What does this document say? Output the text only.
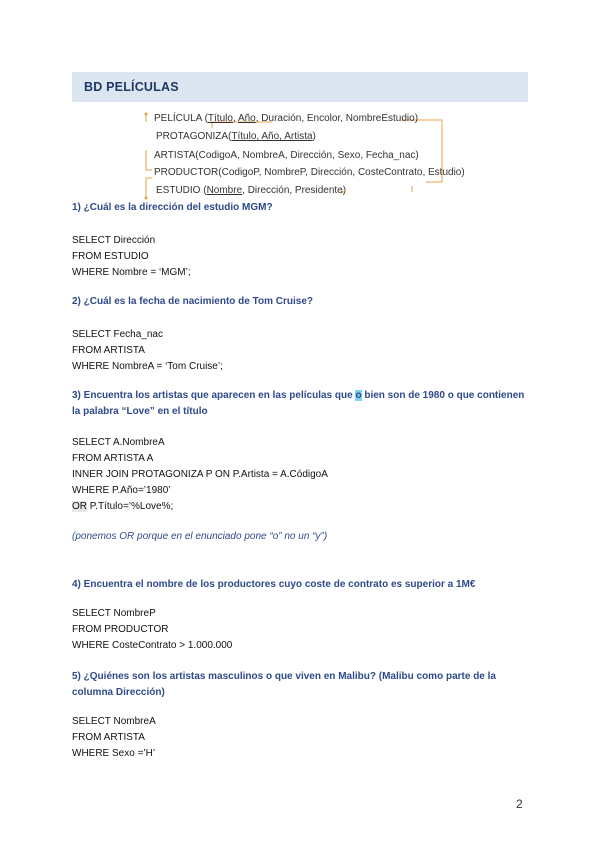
BD PELÍCULAS
PELÍCULA (Título, Año, Duración, Encolor, NombreEstudio)
PROTAGONIZA(Título, Año, Artista)
ARTISTA(CodigoA, NombreA, Dirección, Sexo, Fecha_nac)
PRODUCTOR(CodigoP, NombreP, Dirección, CosteContrato, Estudio)
ESTUDIO (Nombre, Dirección, Presidente)
1) ¿Cuál es la dirección del estudio MGM?
SELECT Dirección
FROM ESTUDIO
WHERE Nombre = ‘MGM’;
2) ¿Cuál es la fecha de nacimiento de Tom Cruise?
SELECT Fecha_nac
FROM ARTISTA
WHERE NombreA = ‘Tom Cruise’;
3) Encuentra los artistas que aparecen en las películas que o bien son de 1980 o que contienen la palabra “Love” en el título
SELECT A.NombreA
FROM ARTISTA A
INNER JOIN PROTAGONIZA P ON P.Artista = A.CódigoA
WHERE P.Año=’1980’
OR P.Título=’%Love%;
(ponemos OR porque en el enunciado pone “o” no un “y”)
4) Encuentra el nombre de los productores cuyo coste de contrato es superior a 1M€
SELECT NombreP
FROM PRODUCTOR
WHERE CosteContrato > 1.000.000
5) ¿Quiénes son los artistas masculinos o que viven en Malibu? (Malibu como parte de la columna Dirección)
SELECT NombreA
FROM ARTISTA
WHERE Sexo =’H’
2
